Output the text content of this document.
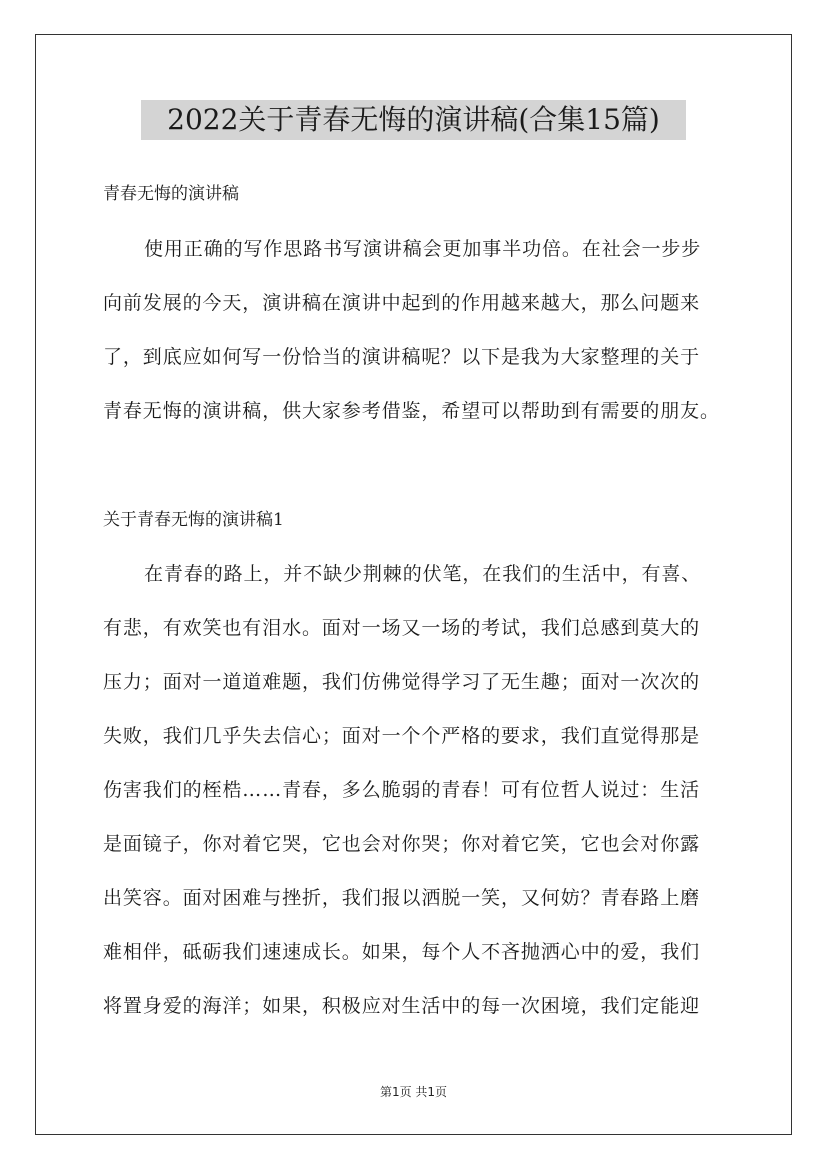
2022关于青春无悔的演讲稿(合集15篇)
青春无悔的演讲稿
使用正确的写作思路书写演讲稿会更加事半功倍。在社会一步步
向前发展的今天，演讲稿在演讲中起到的作用越来越大，那么问题来
了，到底应如何写一份恰当的演讲稿呢？以下是我为大家整理的关于
青春无悔的演讲稿，供大家参考借鉴，希望可以帮助到有需要的朋友。
关于青春无悔的演讲稿1
在青春的路上，并不缺少荆棘的伏笔，在我们的生活中，有喜、
有悲，有欢笑也有泪水。面对一场又一场的考试，我们总感到莫大的
压力；面对一道道难题，我们仿佛觉得学习了无生趣；面对一次次的
失败，我们几乎失去信心；面对一个个严格的要求，我们直觉得那是
伤害我们的桎梏……青春，多么脆弱的青春！可有位哲人说过：生活
是面镜子，你对着它哭，它也会对你哭；你对着它笑，它也会对你露
出笑容。面对困难与挫折，我们报以洒脱一笑，又何妨？青春路上磨
难相伴，砥砺我们速速成长。如果，每个人不吝抛洒心中的爱，我们
将置身爱的海洋；如果，积极应对生活中的每一次困境，我们定能迎
第1页 共1页
